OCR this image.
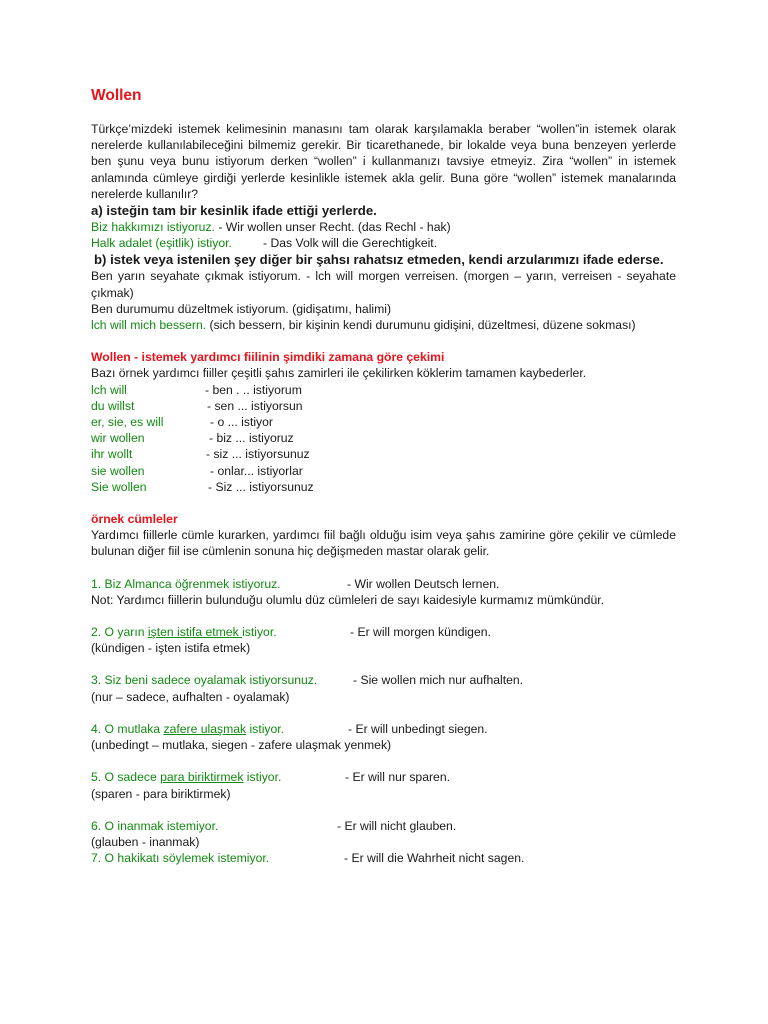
Wollen

Türkçe’mizdeki istemek kelimesinin manasını tam olarak karşılamakla beraber “wollen”in istemek olarak nerelerde kullanılabileceğini bilmemiz gerekir. Bir ticarethanede, bir lokalde veya buna benzeyen yerlerde ben şunu veya bunu istiyorum derken “wollen” i kullanmanızı tavsiye etmeyiz. Zira “wollen” in istemek anlamında cümleye girdiği yerlerde kesinlikle istemek akla gelir. Buna göre “wollen” istemek manalarında nerelerde kullanılır?

a) isteğin tam bir kesinlik ifade ettiği yerlerde.

Biz hakkımızı istiyoruz. - Wir wollen unser Recht. (das Rechl - hak)

Halk adalet (eşitlik) istiyor.	- Das Volk will die Gerechtigkeit.

b) istek veya istenilen şey diğer bir şahsı rahatsız etmeden, kendi arzularımızı ifade ederse.

Ben yarın seyahate çıkmak istiyorum. - lch will morgen verreisen. (morgen – yarın, verreisen - seyahate çıkmak)

Ben durumumu düzeltmek istiyorum. (gidişatımı, halimi)

lch will mich bessern. (sich bessern, bir kişinin kendi durumunu gidişini, düzeltmesi, düzene sokması)

Wollen - istemek yardımcı fiilinin şimdiki zamana göre çekimi

Bazı örnek yardımcı fiiller çeşitli şahıs zamirleri ile çekilirken köklerim tamamen kaybederler.

lch will	- ben . .. istiyorum

du willst	- sen ... istiyorsun

er, sie, es will	- o ... istiyor

wir wollen	- biz ... istiyoruz

ihr wollt	- siz ... istiyorsunuz

sie wollen	- onlar... istiyorlar

Sie wollen	- Siz ... istiyorsunuz

örnek cümleler

Yardımcı fiillerle cümle kurarken, yardımcı fiil bağlı olduğu isim veya şahıs zamirine göre çekilir ve cümlede bulunan diğer fiil ise cümlenin sonuna hiç değişmeden mastar olarak gelir.

1. Biz Almanca öğrenmek istiyoruz.	- Wir wollen Deutsch lernen.

Not: Yardımcı fiillerin bulunduğu olumlu düz cümleleri de sayı kaidesiyle kurmamız mümkündür.

2. O yarın işten istifa etmek istiyor.	- Er will morgen kündigen.

(kündigen - işten istifa etmek)

3. Siz beni sadece oyalamak istiyorsunuz.	- Sie wollen mich nur aufhalten.

(nur – sadece, aufhalten - oyalamak)

4. O mutlaka zafere ulaşmak istiyor.	- Er will unbedingt siegen.

(unbedingt – mutlaka, siegen - zafere ulaşmak yenmek)

5. O sadece para biriktirmek istiyor.	- Er will nur sparen.

(sparen - para biriktirmek)

6. O inanmak istemiyor.	- Er will nicht glauben.

(glauben - inanmak)

7. O hakikatı söylemek istemiyor.	- Er will die Wahrheit nicht sagen.
